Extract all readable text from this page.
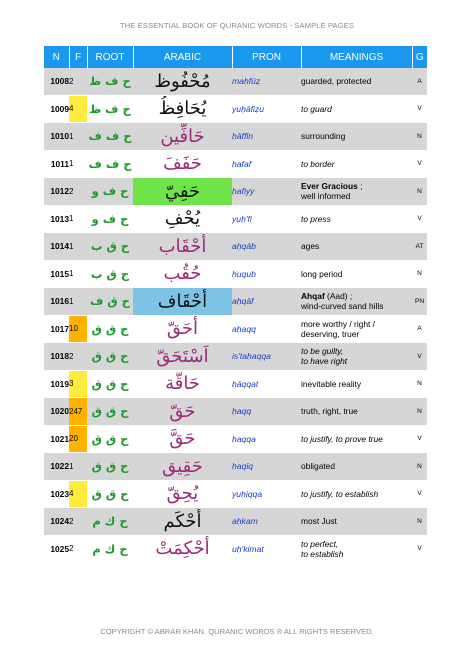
THE ESSENTIAL BOOK OF QURANIC WORDS - SAMPLE PAGES
N	F	ROOT	ARABIC	PRON	MEANINGS	G
1008	2	ح ف ظ	مُحْفُوظ	maḥfūẓ	guarded, protected	A
1009	4	ح ف ظ	يُحَافِظُ	yuḥāfiẓu	to guard	V
1010	1	ح ف ف	حَافِّين	ḥāffīn	surrounding	N
1011	1	ح ف ف	حَفَفَ	ḥafaf	to border	V
1012	2	ح ف و	حَفِيّ	ḥafiyy	Ever Gracious ;
well informed	N
1013	1	ح ف و	يُحْفِ	yuḥ'fi	to press	V
1014	1	ح ق ب	أَحْقَاب	aḥqāb	ages	AT
1015	1	ح ق ب	حُقُب	ḥuqub	long period	N
1016	1	ح ق ف	أَحْقَاف	aḥqāf	Ahqaf (Aad) ;
wind-curved sand hills	PN
1017	10	ح ق ق	أَحَقّ	aḥaqq	more worthy / right /
deserving, truer	A
1018	2	ح ق ق	اَسْتَحَقّ	is'taḥaqqa	to be guilty,
to have right	V
1019	3	ح ق ق	حَاقَّة	ḥāqqat	inevitable reality	N
1020	247	ح ق ق	حَقّ	ḥaqq	truth, right, true	N
1021	20	ح ق ق	حَقَّ	ḥaqqa	to justify, to prove true	V
1022	1	ح ق ق	حَقِيق	ḥaqīq	obligated	N
1023	4	ح ق ق	يُحِقّ	yuḥiqqa	to justify, to establish	V
1024	2	ح ك م	أَحْكَم	aḥkam	most Just	N
1025	2	ح ك م	أُحْكِمَتْ	uḥ'kimat	to perfect,
to establish	V
COPYRIGHT © ABRAR KHAN. QURANIC WORDS ® ALL RIGHTS RESERVED.
